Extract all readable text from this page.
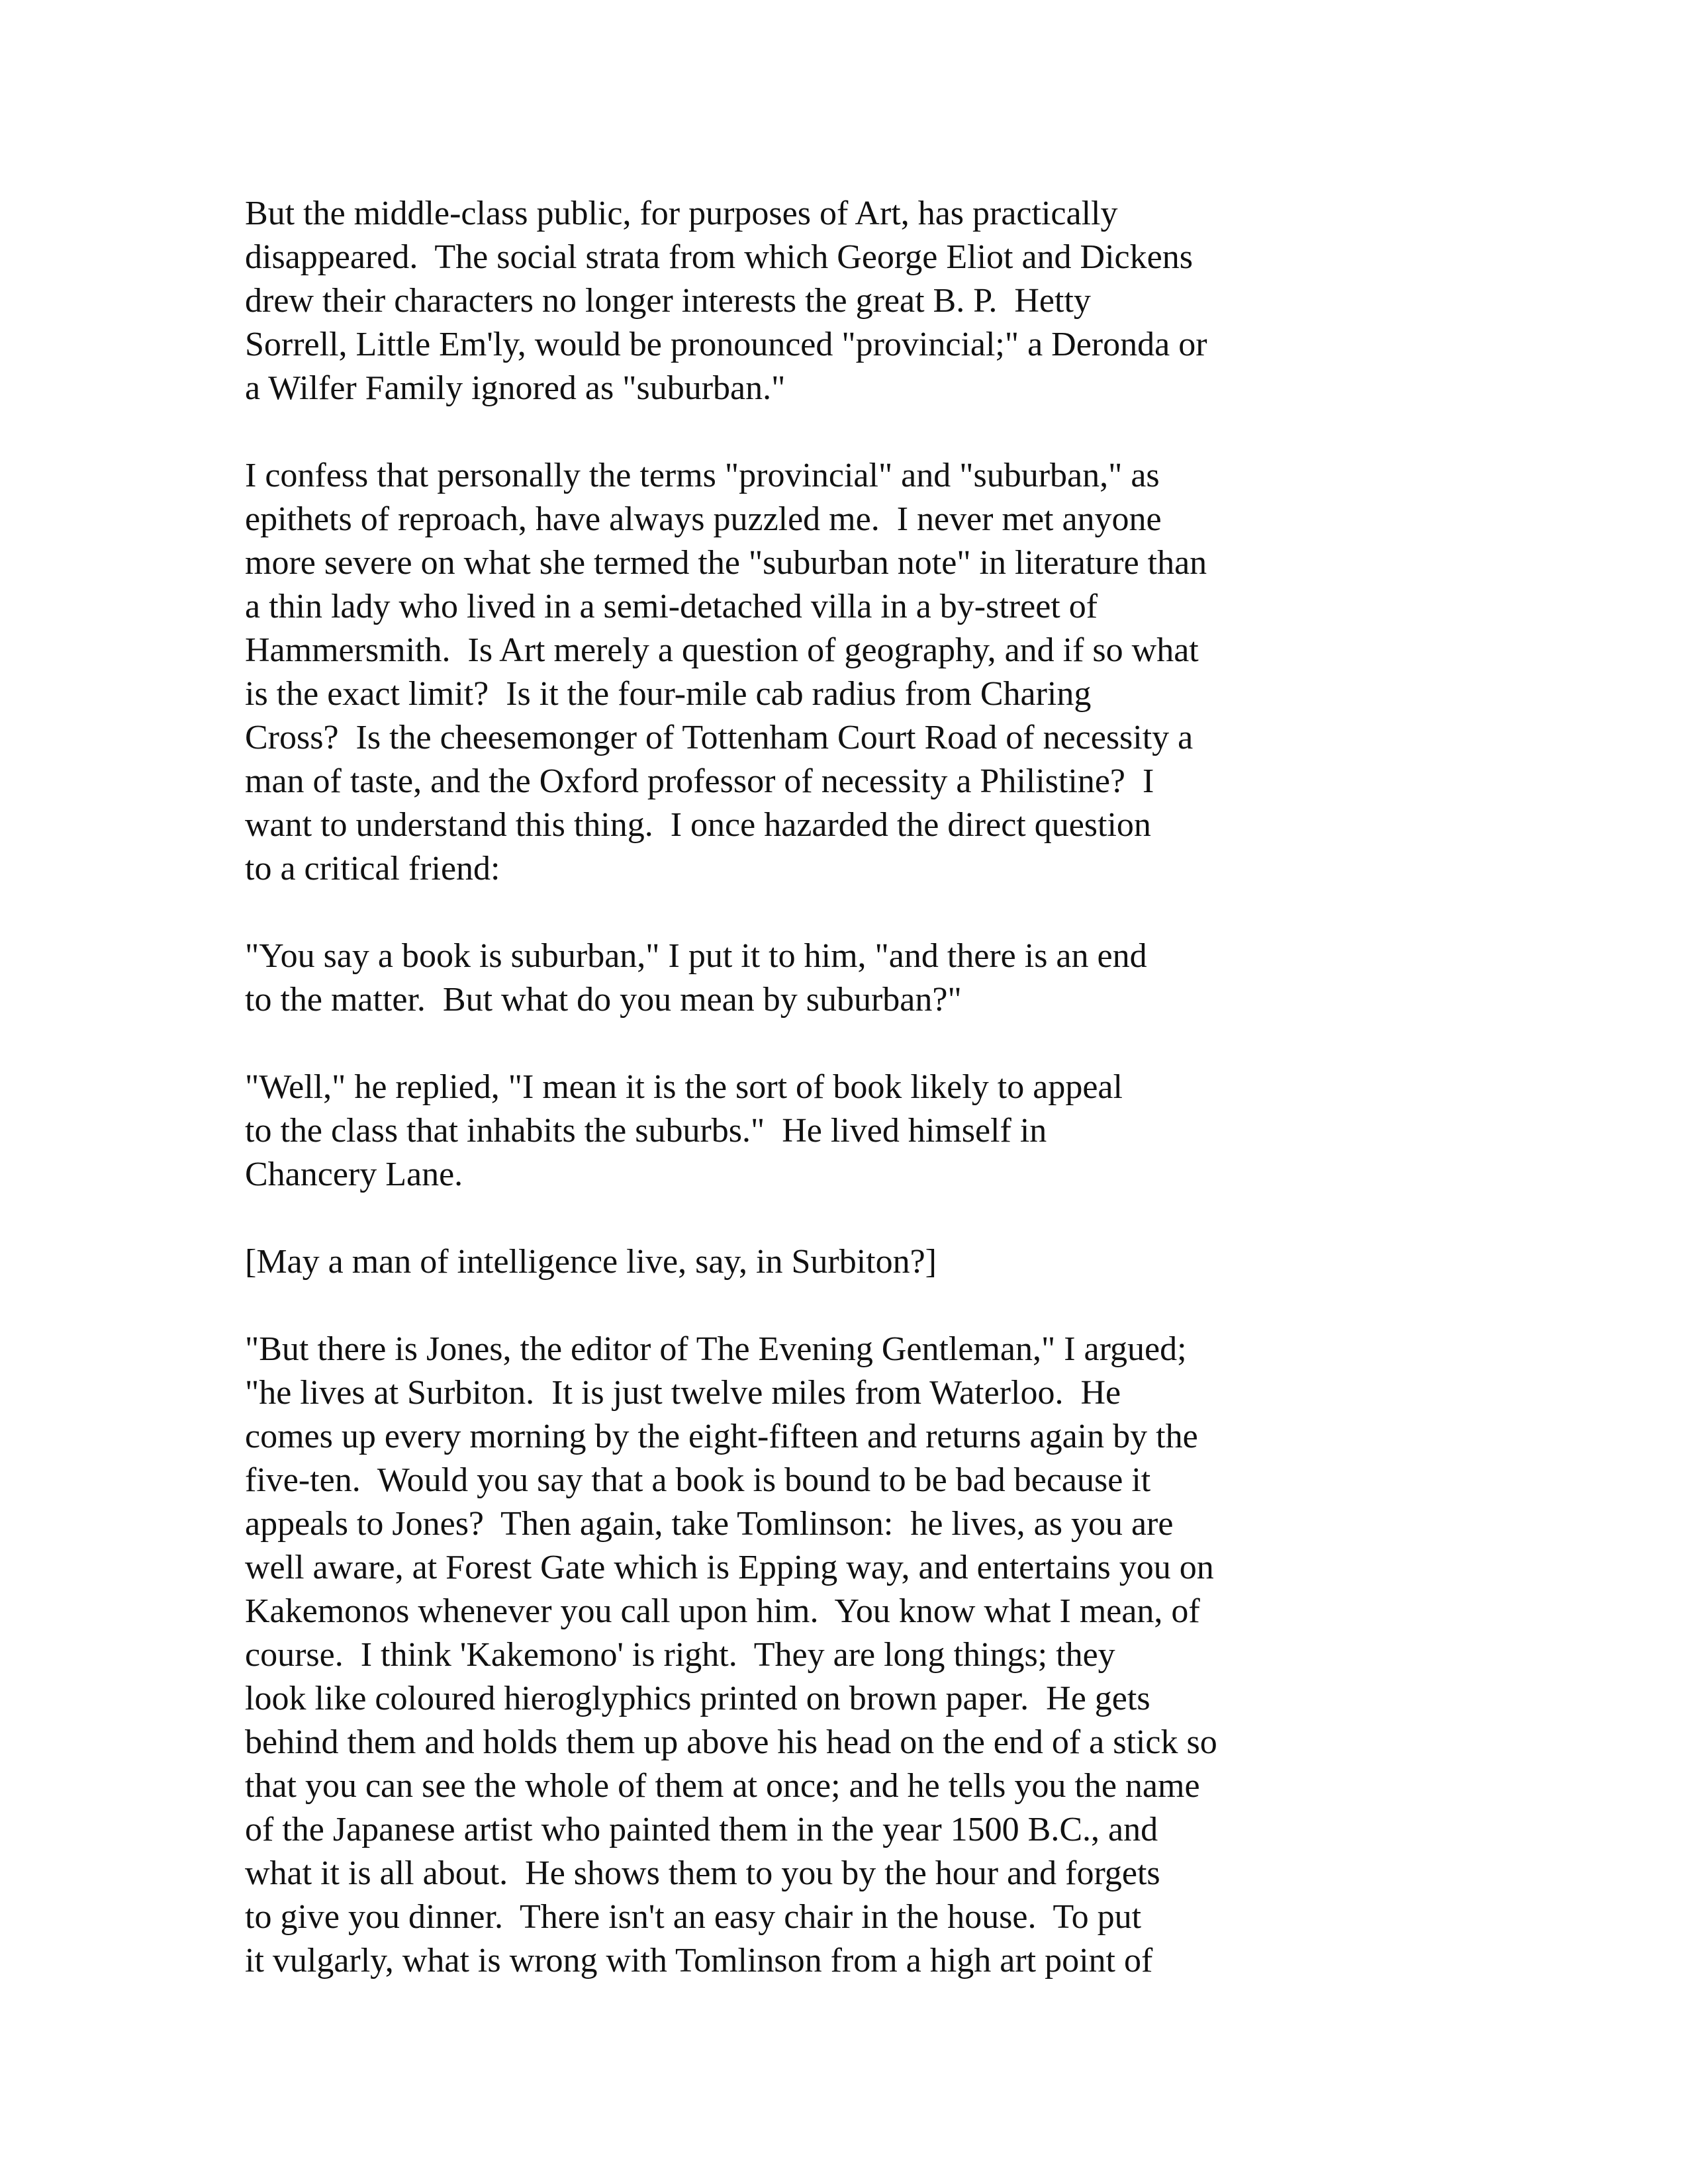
But the middle-class public, for purposes of Art, has practically
disappeared.  The social strata from which George Eliot and Dickens
drew their characters no longer interests the great B. P.  Hetty
Sorrell, Little Em'ly, would be pronounced "provincial;" a Deronda or
a Wilfer Family ignored as "suburban."
I confess that personally the terms "provincial" and "suburban," as
epithets of reproach, have always puzzled me.  I never met anyone
more severe on what she termed the "suburban note" in literature than
a thin lady who lived in a semi-detached villa in a by-street of
Hammersmith.  Is Art merely a question of geography, and if so what
is the exact limit?  Is it the four-mile cab radius from Charing
Cross?  Is the cheesemonger of Tottenham Court Road of necessity a
man of taste, and the Oxford professor of necessity a Philistine?  I
want to understand this thing.  I once hazarded the direct question
to a critical friend:
"You say a book is suburban," I put it to him, "and there is an end
to the matter.  But what do you mean by suburban?"
"Well," he replied, "I mean it is the sort of book likely to appeal
to the class that inhabits the suburbs."  He lived himself in
Chancery Lane.
[May a man of intelligence live, say, in Surbiton?]
"But there is Jones, the editor of The Evening Gentleman," I argued;
"he lives at Surbiton.  It is just twelve miles from Waterloo.  He
comes up every morning by the eight-fifteen and returns again by the
five-ten.  Would you say that a book is bound to be bad because it
appeals to Jones?  Then again, take Tomlinson:  he lives, as you are
well aware, at Forest Gate which is Epping way, and entertains you on
Kakemonos whenever you call upon him.  You know what I mean, of
course.  I think 'Kakemono' is right.  They are long things; they
look like coloured hieroglyphics printed on brown paper.  He gets
behind them and holds them up above his head on the end of a stick so
that you can see the whole of them at once; and he tells you the name
of the Japanese artist who painted them in the year 1500 B.C., and
what it is all about.  He shows them to you by the hour and forgets
to give you dinner.  There isn't an easy chair in the house.  To put
it vulgarly, what is wrong with Tomlinson from a high art point of
